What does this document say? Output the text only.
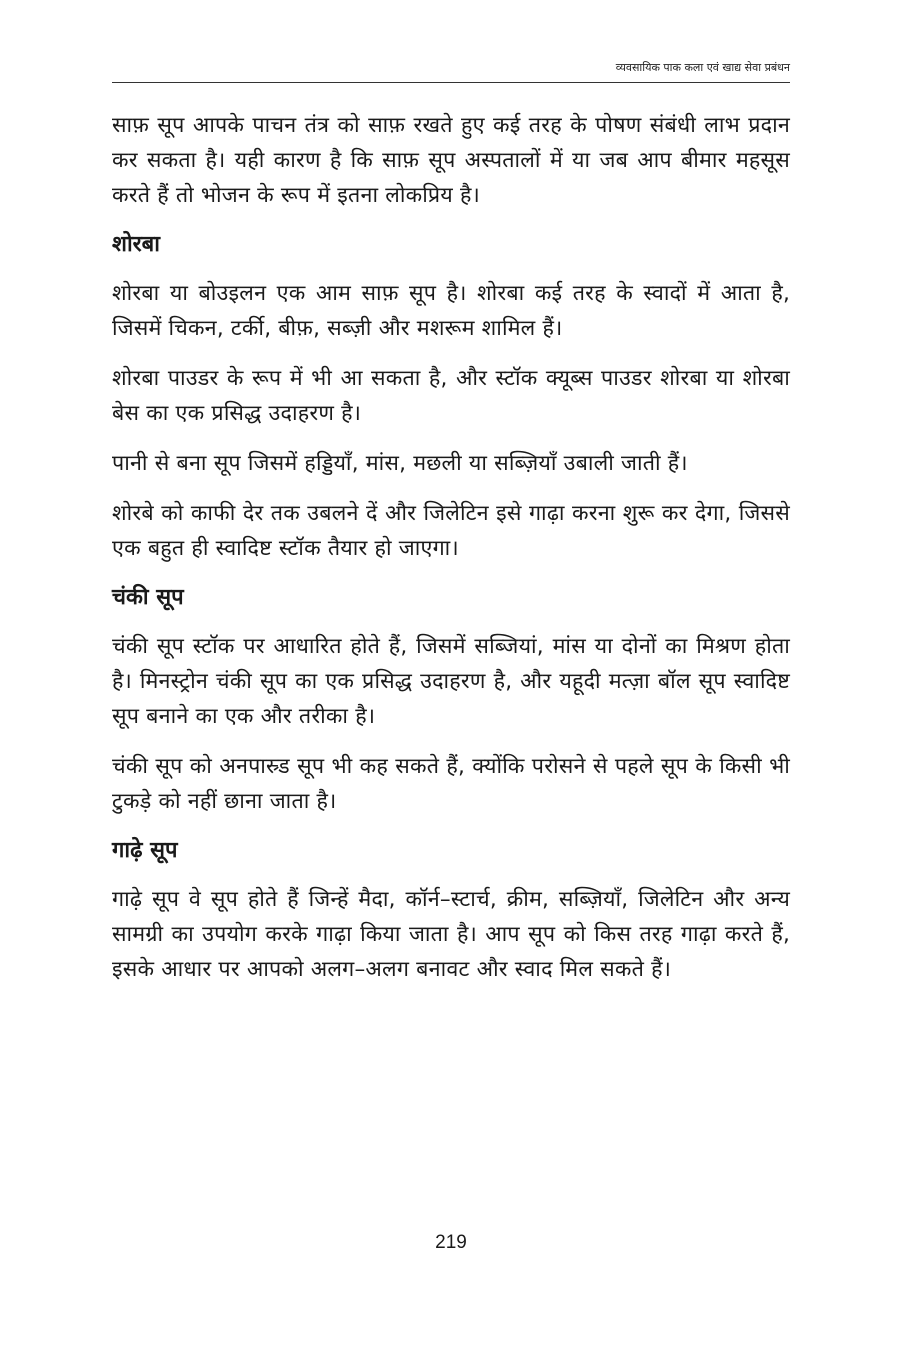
व्यवसायिक पाक कला एवं खाद्य सेवा प्रबंधन

साफ़ सूप आपके पाचन तंत्र को साफ़ रखते हुए कई तरह के पोषण संबंधी लाभ प्रदान कर सकता है। यही कारण है कि साफ़ सूप अस्पतालों में या जब आप बीमार महसूस करते हैं तो भोजन के रूप में इतना लोकप्रिय है।

शोरबा

शोरबा या बोउइलन एक आम साफ़ सूप है। शोरबा कई तरह के स्वादों में आता है, जिसमें चिकन, टर्की, बीफ़, सब्ज़ी और मशरूम शामिल हैं।

शोरबा पाउडर के रूप में भी आ सकता है, और स्टॉक क्यूब्स पाउडर शोरबा या शोरबा बेस का एक प्रसिद्ध उदाहरण है।

पानी से बना सूप जिसमें हड्डियाँ, मांस, मछली या सब्ज़ियाँ उबाली जाती हैं।

शोरबे को काफी देर तक उबलने दें और जिलेटिन इसे गाढ़ा करना शुरू कर देगा, जिससे एक बहुत ही स्वादिष्ट स्टॉक तैयार हो जाएगा।

चंकी सूप

चंकी सूप स्टॉक पर आधारित होते हैं, जिसमें सब्जियां, मांस या दोनों का मिश्रण होता है। मिनस्ट्रोन चंकी सूप का एक प्रसिद्ध उदाहरण है, और यहूदी मत्ज़ा बॉल सूप स्वादिष्ट सूप बनाने का एक और तरीका है।

चंकी सूप को अनपास्र्ड सूप भी कह सकते हैं, क्योंकि परोसने से पहले सूप के किसी भी टुकड़े को नहीं छाना जाता है।

गाढ़े सूप

गाढ़े सूप वे सूप होते हैं जिन्हें मैदा, कॉर्न–स्टार्च, क्रीम, सब्ज़ियाँ, जिलेटिन और अन्य सामग्री का उपयोग करके गाढ़ा किया जाता है। आप सूप को किस तरह गाढ़ा करते हैं, इसके आधार पर आपको अलग–अलग बनावट और स्वाद मिल सकते हैं।

219
